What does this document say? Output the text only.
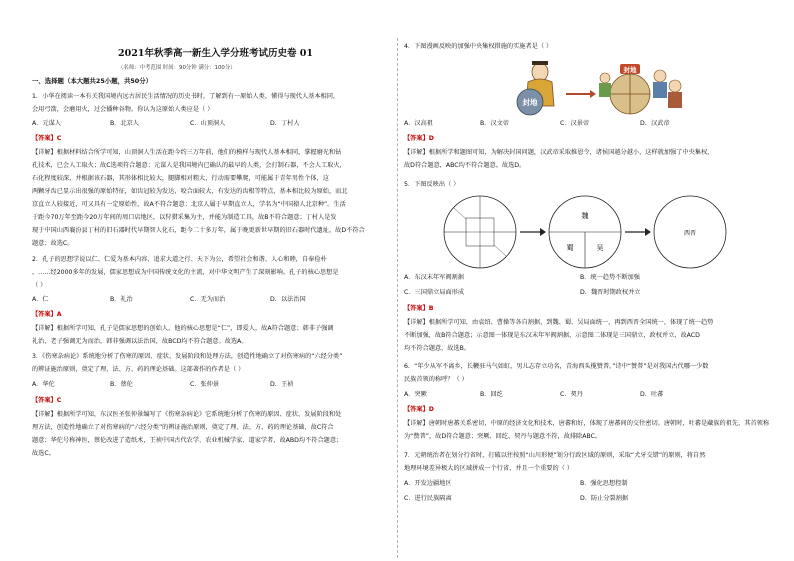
2021年秋季高一新生入学分班考试历史卷 01
（名师：中考范围 时间：90分钟 满分：100分）
一、选择题（本大题共25小题，共50分）
1．小华在阅读一本有关我国境内远古居民生活情况的历史书时，了解到有一原始人类，懂得与现代人基本相同，
会用弓箭，会磨用火，过会播种谷物。你认为这原始人类应是（ ）
A．元谋人	B．北京人	C．山顶洞人	D．丁村人
【答案】C
【详解】根据材料结合所学可知，山顶洞人生活在距今约三万年前，他们的模样与现代人基本相同，掌握磨光和钻
孔技术，已会人工取火；故C选项符合题意；元谋人是我国境内已确认的最早的人类，会打制石器，不会人工取火，
石化程度较深，并根据该石器，其形体相比较大，腿脚相对粗大，行动需要攀爬，可能属于青年男性个体，这
两颗牙齿已显示出很强的原始特征，如齿冠较为发达，咬合面较大，有发达的齿根等特点，基本相比较为原始，而北
京直立人较接近，可又具有一定原始性，故A不符合题意；北京人属于早期直立人，学名为“中国猿人北京种”。生活
于距今70万年至距今20万年间的周口店地区，以狩猎采集为主，并能为制造工具，故B不符合题意；丁村人是发
现于中国山西襄汾县丁村的旧石器时代早期智人化石，距今二十多万年，属于晚更新世早期的旧石器时代遗址，故D不符合
题意；故选C。
2．孔子的思想学说以仁、仁爱为基本内容，追求大道之行、天下为公，希望社会和谐、人心和睦，自奉俭朴
，……经2000多年的发展，儒家思想成为中国传统文化的主流，对中华文明产生了深刻影响。孔子的核心思想是
（ ）
A．仁	B．礼治	C．无为而治	D．以法治国
【答案】A
【详解】根据所学可知，孔子是儒家思想的创始人，他的核心思想是“仁”，即爱人，故A符合题意；韩非子强调
礼治，老子强调无为而治，韩非强调以法治国，故BCD均不符合题意。故选A。
3．《伤寒杂病论》系统地分析了伤寒的原因、症状、发展阶段和处理方法，创造性地确立了对伤寒病的“六经分类”
的辨证施治原则，奠定了理、法、方、药的理论基础。这部著作的作者是（ ）
A．华佗	B．蔡伦	C．张仲景	D．王祯
【答案】C
【详解】根据所学可知，东汉医圣张仲景编写了《伤寒杂病论》它系统地分析了伤寒的原因、症状、发展阶段和处
理方法，创造性地确立了对伤寒病的“六经分类”的辨证施治原则，奠定了理、法、方、药的理论基础，故C符合
题意；华佗号称神医，蔡伦改进了造纸术，王祯中国古代农学、农业机械学家、道家学者，故ABD均不符合题意；
故选C。
4．下图漫画反映的加强中央集权措施的实施者是（ ）
封地
封地
A．汉高祖	B．汉文帝	C．汉景帝	D．汉武帝
【答案】D
【详解】根据所学和题图可知，为解决封国问题，汉武帝采取推恩令，诸侯国越分越小，这样就加强了中央集权，
故D符合题意，ABC均不符合题意。故选D。
5．下图反映出（ ）
魏
蜀	吴
西晋
A．东汉末年军阀割据	B．统一趋势不断加强
C．三国鼎立局面形成	D．魏晋时期政权并立
【答案】B
【详解】根据所学可知，由袁绍、曹操等各自割据，到魏、蜀、吴局面统一，再到西晋全国统一，体现了统一趋势
不断加强，故B符合题意；示意图一体现是东汉末年军阀割据，示意图二体现是三国鼎立，政权并立，故ACD
均不符合题意，故选B。
6．“年少从军不离乡，长鞭驻马气如虹，男儿志存立功名，青海西头揽赞普。”诗中“赞普”是对我国古代哪一少数
民族首领的称呼？（ ）
A．突厥	B．回纥	C．契丹	D．吐蕃
【答案】D
【详解】唐朝时唐蕃关系密切，中原的经济文化和技术，唐蕃和好，体现了唐蕃间的交往密切。唐朝时，吐蕃是藏族的祖先，其首领称
为“赞普”，故D符合题意；突厥、回纥、契丹与题意不符，故排除ABC。
7．元朝统治者在划分行省时，打破以往按照“山川形便”划分行政区域的原则，采取“犬牙交错”的原则，将自然
地理环境差异极大的区域拼成一个行省，并且一个重要的（ ）
A．开发边疆地区	B．强化思想控制
C．进行民族隔离	D．防止分裂割据
